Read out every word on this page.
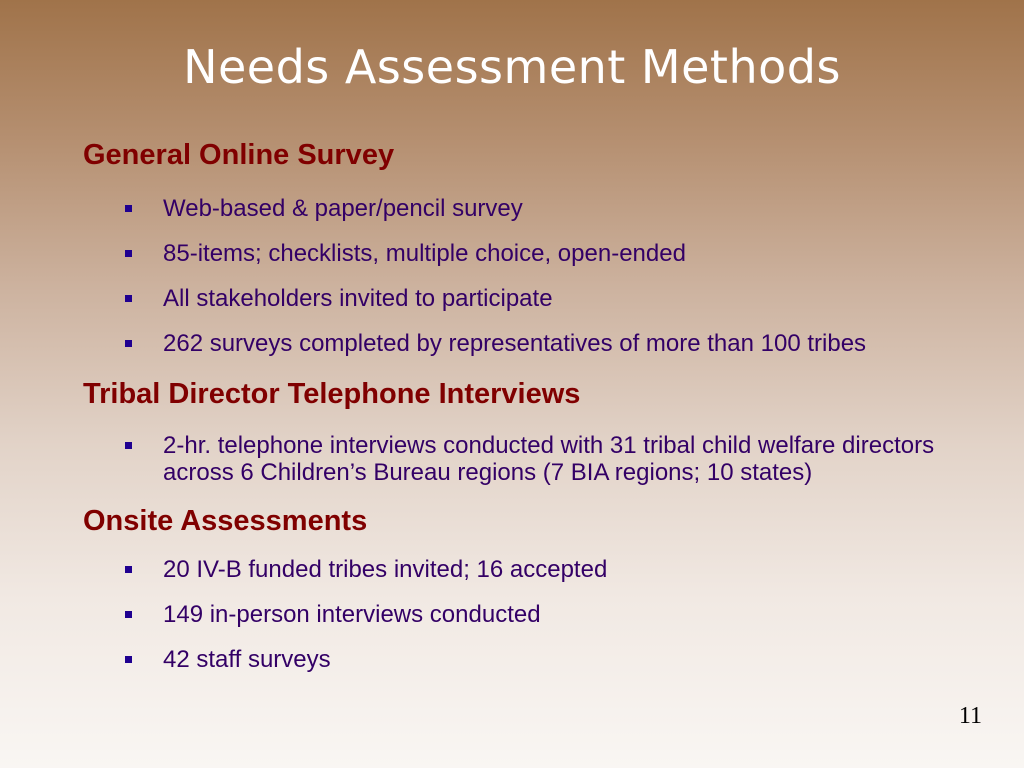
Needs Assessment Methods
General Online Survey
Web-based & paper/pencil survey
85-items; checklists, multiple choice, open-ended
All stakeholders invited to participate
262 surveys completed by representatives of more than 100 tribes
Tribal Director Telephone Interviews
2-hr. telephone interviews conducted with 31 tribal child welfare directors across 6 Children’s Bureau regions (7 BIA regions; 10 states)
Onsite Assessments
20 IV-B funded tribes invited; 16 accepted
149 in-person interviews conducted
42 staff surveys
11
